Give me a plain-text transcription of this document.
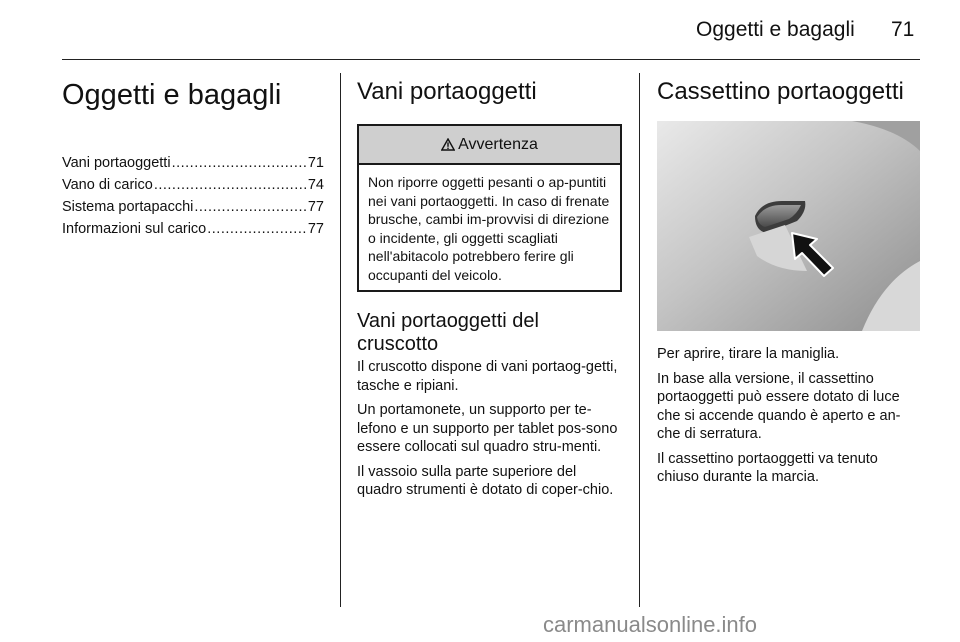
Oggetti e bagagli 71
Oggetti e bagagli
Vani portaoggetti .....	71
Vano di carico .....	74
Sistema portapacchi .....	77
Informazioni sul carico .....	77
Vani portaoggetti
Avvertenza
Non riporre oggetti pesanti o ap-puntiti nei vani portaoggetti. In caso di frenate brusche, cambi im-provvisi di direzione o incidente, gli oggetti scagliati nell'abitacolo potrebbero ferire gli occupanti del veicolo.
Vani portaoggetti del cruscotto

Il cruscotto dispone di vani portaog-getti, tasche e ripiani.

Un portamonete, un supporto per te-lefono e un supporto per tablet pos-sono essere collocati sul quadro stru-menti.

Il vassoio sulla parte superiore del quadro strumenti è dotato di coper-chio.

Cassettino portaoggetti

Per aprire, tirare la maniglia.

In base alla versione, il cassettino portaoggetti può essere dotato di luce che si accende quando è aperto e an-che di serratura.

Il cassettino portaoggetti va tenuto chiuso durante la marcia.

carmanualsonline.info
